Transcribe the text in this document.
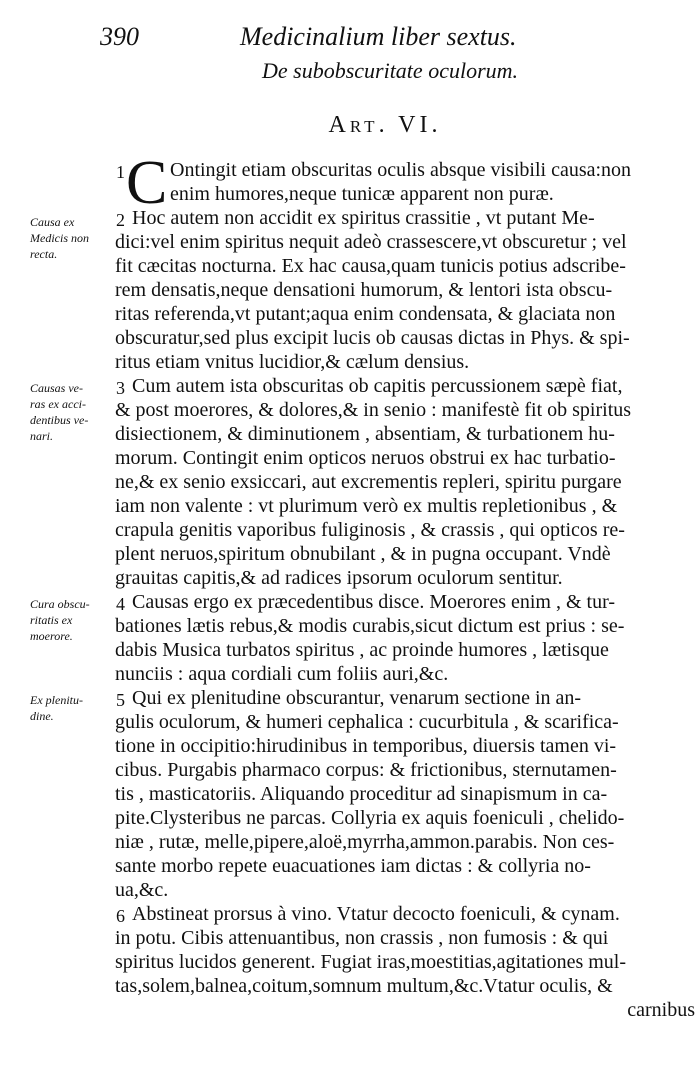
390	Medicinalium liber sextus.
De subobscuritate oculorum.
Art. VI.
C
1
2
3
4
5
6
Causa ex
Medicis non
recta.
Causas ve-
ras ex acci-
dentibus ve-
nari.
Cura obscu-
ritatis ex
moerore.
Ex plenitu-
dine.
Ontingit etiam obscuritas oculis absque visibili causa:non
enim humores,neque tunicæ apparent non puræ.
Hoc autem non accidit ex spiritus crassitie , vt putant Me-
dici:vel enim spiritus nequit adeò crassescere,vt obscuretur ; vel
fit cæcitas nocturna. Ex hac causa,quam tunicis potius adscribe-
rem densatis,neque densationi humorum, & lentori ista obscu-
ritas referenda,vt putant;aqua enim condensata, & glaciata non
obscuratur,sed plus excipit lucis ob causas dictas in Phys. & spi-
ritus etiam vnitus lucidior,& cælum densius.
Cum autem ista obscuritas ob capitis percussionem sæpè fiat,
& post moerores, & dolores,& in senio : manifestè fit ob spiritus
disiectionem, & diminutionem , absentiam, & turbationem hu-
morum. Contingit enim opticos neruos obstrui ex hac turbatio-
ne,& ex senio exsiccari, aut excrementis repleri, spiritu purgare
iam non valente : vt plurimum verò ex multis repletionibus , &
crapula genitis vaporibus fuliginosis , & crassis , qui opticos re-
plent neruos,spiritum obnubilant , & in pugna occupant. Vndè
grauitas capitis,& ad radices ipsorum oculorum sentitur.
Causas ergo ex præcedentibus disce. Moerores enim , & tur-
bationes lætis rebus,& modis curabis,sicut dictum est prius : se-
dabis Musica turbatos spiritus , ac proinde humores , lætisque
nunciis : aqua cordiali cum foliis auri,&c.
Qui ex plenitudine obscurantur, venarum sectione in an-
gulis oculorum, & humeri cephalica : cucurbitula , & scarifica-
tione in occipitio:hirudinibus in temporibus, diuersis tamen vi-
cibus. Purgabis pharmaco corpus: & frictionibus, sternutamen-
tis , masticatoriis. Aliquando proceditur ad sinapismum in ca-
pite.Clysteribus ne parcas. Collyria ex aquis foeniculi , chelido-
niæ , rutæ, melle,pipere,aloë,myrrha,ammon.parabis. Non ces-
sante morbo repete euacuationes iam dictas : & collyria no-
ua,&c.
Abstineat prorsus à vino. Vtatur decocto foeniculi, & cynam.
in potu. Cibis attenuantibus, non crassis , non fumosis : & qui
spiritus lucidos generent. Fugiat iras,moestitias,agitationes mul-
tas,solem,balnea,coitum,somnum multum,&c.Vtatur oculis, &
carnibus
